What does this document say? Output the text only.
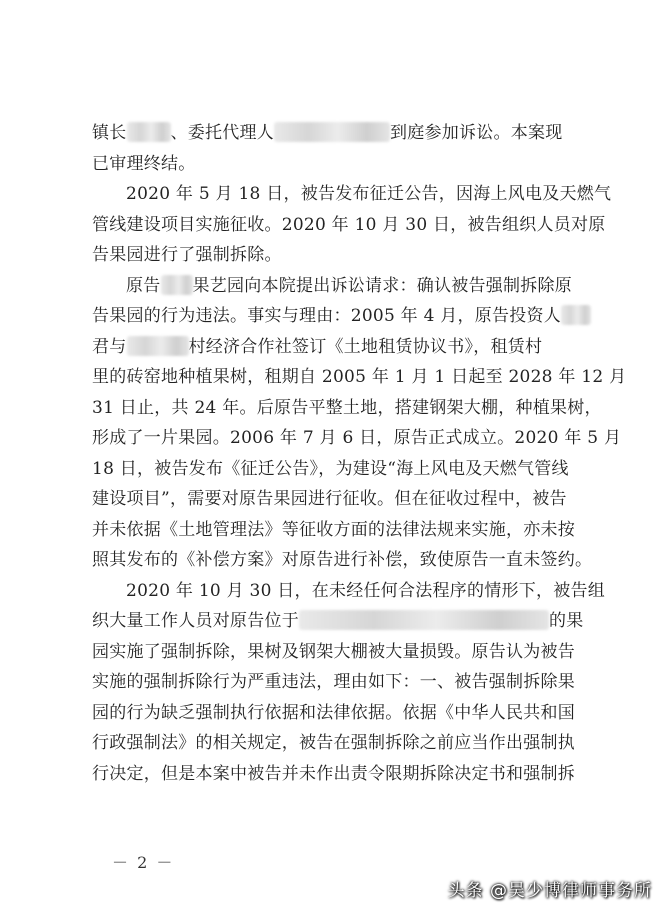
镇长	、委托代理人	到庭参加诉讼。本案现
已审理终结。
2020 年 5 月 18 日，被告发布征迁公告，因海上风电及天燃气
管线建设项目实施征收。2020 年 10 月 30 日，被告组织人员对原
告果园进行了强制拆除。
原告 果艺园向本院提出诉讼请求：确认被告强制拆除原
告果园的行为违法。事实与理由：2005 年 4 月，原告投资人
君与	村经济合作社签订《土地租赁协议书》，租赁村
里的砖窑地种植果树，租期自 2005 年 1 月 1 日起至 2028 年 12 月
31 日止，共 24 年。后原告平整土地，搭建钢架大棚，种植果树，
形成了一片果园。2006 年 7 月 6 日，原告正式成立。2020 年 5 月
18 日，被告发布《征迁公告》，为建设“海上风电及天燃气管线
建设项目”，需要对原告果园进行征收。但在征收过程中，被告
并未依据《土地管理法》等征收方面的法律法规来实施，亦未按
照其发布的《补偿方案》对原告进行补偿，致使原告一直未签约。
2020 年 10 月 30 日，在未经任何合法程序的情形下，被告组
织大量工作人员对原告位于	的果
园实施了强制拆除，果树及钢架大棚被大量损毁。原告认为被告
实施的强制拆除行为严重违法，理由如下：一、被告强制拆除果
园的行为缺乏强制执行依据和法律依据。依据《中华人民共和国
行政强制法》的相关规定，被告在强制拆除之前应当作出强制执
行决定，但是本案中被告并未作出责令限期拆除决定书和强制拆
－ 2 －
头条 @吴少博律师事务所
